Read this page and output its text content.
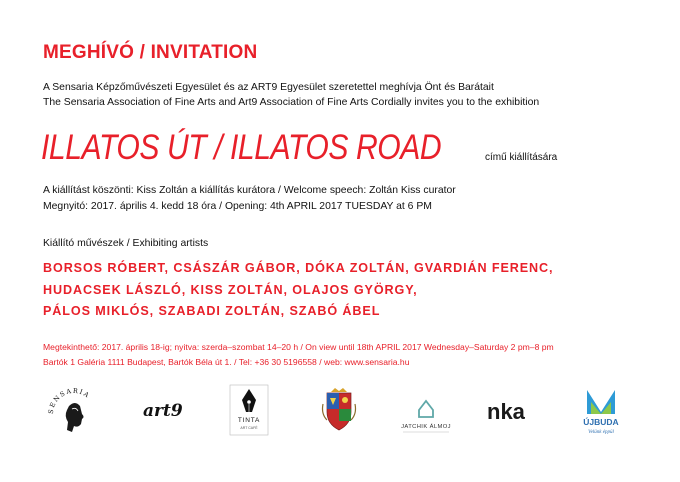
MEGHÍVÓ / INVITATION
A Sensaria Képzőművészeti Egyesület és az ART9 Egyesület szeretettel meghívja Önt és Barátait
The Sensaria Association of Fine Arts and Art9 Association of Fine Arts Cordially invites you to the exhibition
ILLATOS ÚT / ILLATOS ROAD	című kiállítására
A kiállítást köszönti: Kiss Zoltán a kiállítás kurátora / Welcome speech: Zoltán Kiss curator
Megnyitó: 2017. április 4. kedd 18 óra / Opening: 4th APRIL 2017 TUESDAY at 6 PM
Kiállító művészek / Exhibiting artists
BORSOS RÓBERT, CSÁSZÁR GÁBOR, DÓKA ZOLTÁN, GVARDIÁN FERENC,
HUDACSEK LÁSZLÓ, KISS ZOLTÁN, OLAJOS GYÖRGY,
PÁLOS MIKLÓS, SZABADI ZOLTÁN, SZABÓ ÁBEL
Megtekinthető: 2017. április 18-ig; nyitva: szerda–szombat 14–20 h / On view until 18th APRIL 2017 Wednesday–Saturday 2 pm–8 pm
Bartók 1 Galéria 1111 Budapest, Bartók Béla út 1. / Tel: +36 30 5196558 / web: www.sensaria.hu
SENSARIA
art9	TINTA
ART CAFÉ	JATCHIK ÁLMOJ
nka	ÚJBUDA
Velünk éppül
